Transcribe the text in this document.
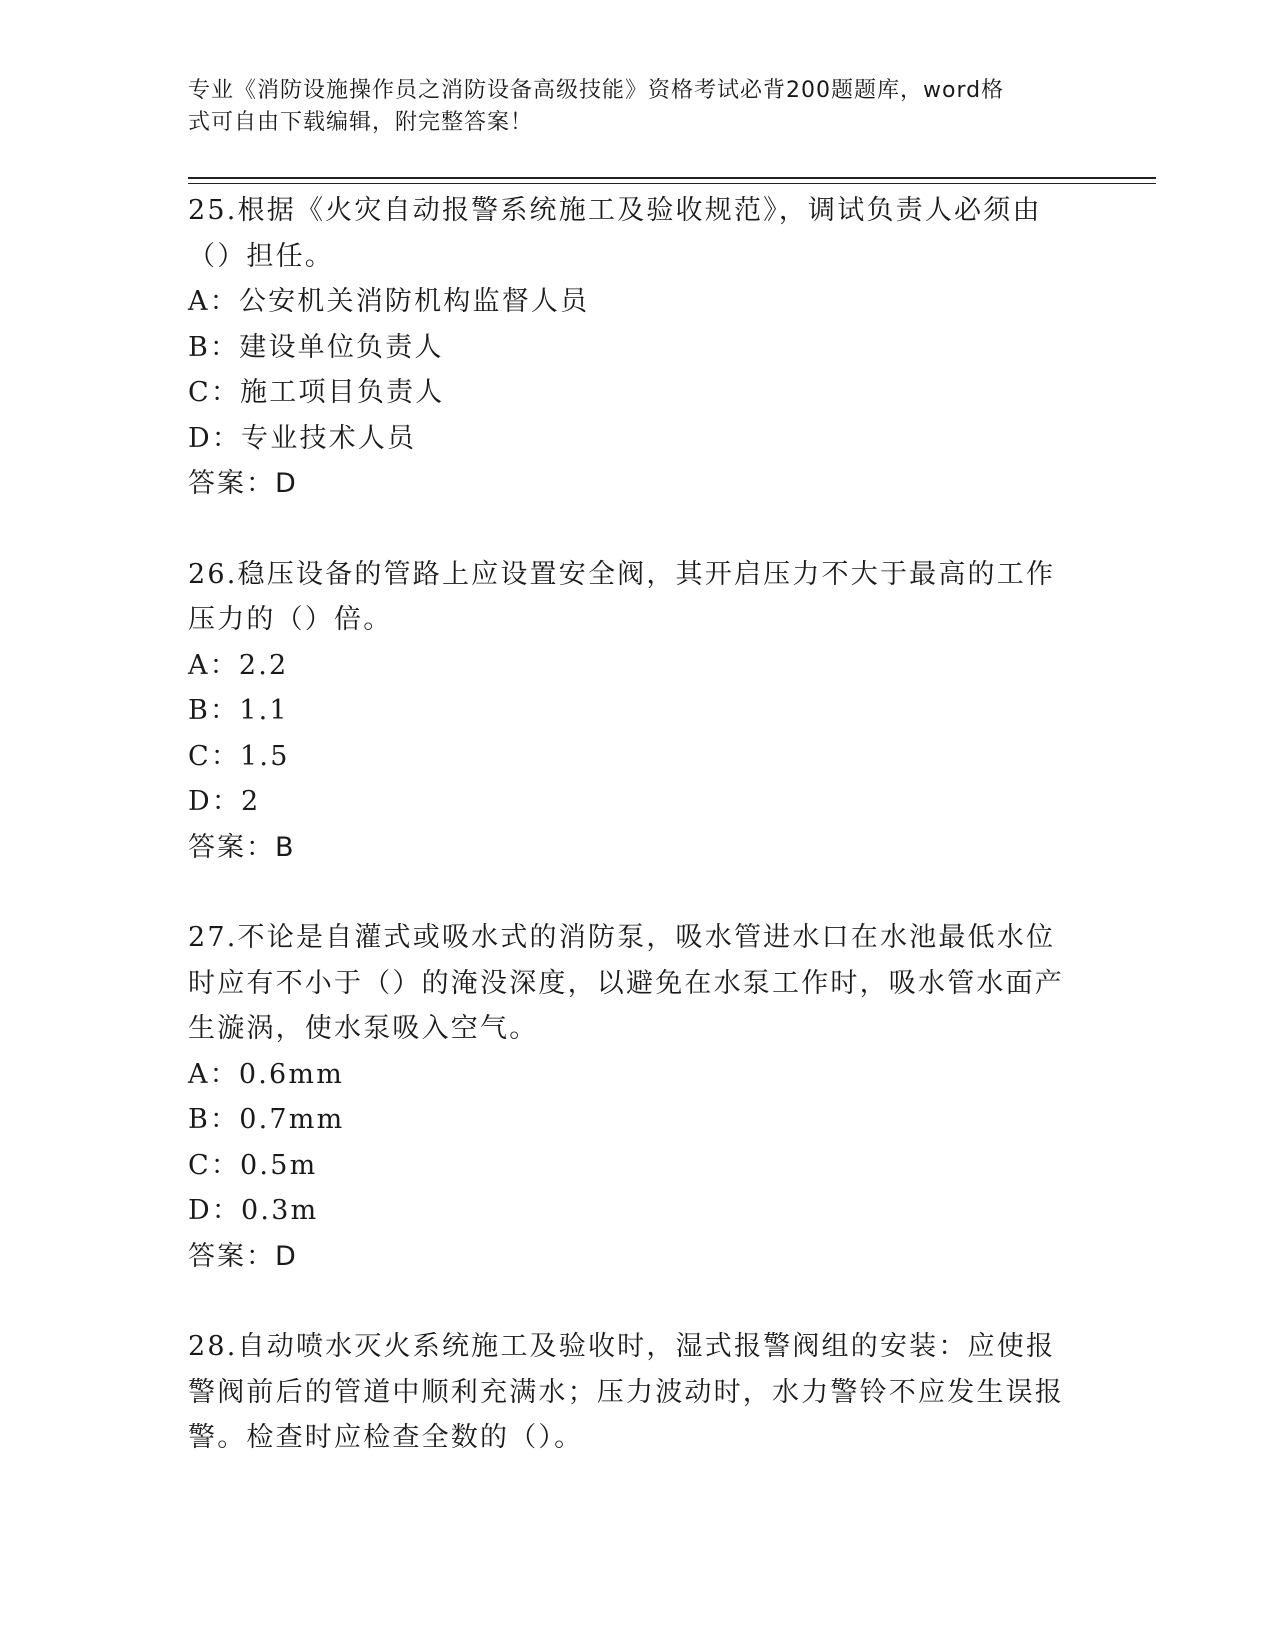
专业《消防设施操作员之消防设备高级技能》资格考试必背200题题库，word格
式可自由下载编辑，附完整答案！
25.根据《火灾自动报警系统施工及验收规范》，调试负责人必须由（）担任。
A：公安机关消防机构监督人员
B：建设单位负责人
C：施工项目负责人
D：专业技术人员
答案：D
26.稳压设备的管路上应设置安全阀，其开启压力不大于最高的工作压力的（）倍。
A：2.2
B：1.1
C：1.5
D：2
答案：B
27.不论是自灌式或吸水式的消防泵，吸水管进水口在水池最低水位时应有不小于（）的淹没深度，以避免在水泵工作时，吸水管水面产生漩涡，使水泵吸入空气。
A：0.6mm
B：0.7mm
C：0.5m
D：0.3m
答案：D
28.自动喷水灭火系统施工及验收时，湿式报警阀组的安装：应使报警阀前后的管道中顺利充满水；压力波动时，水力警铃不应发生误报警。检查时应检查全数的（）。
